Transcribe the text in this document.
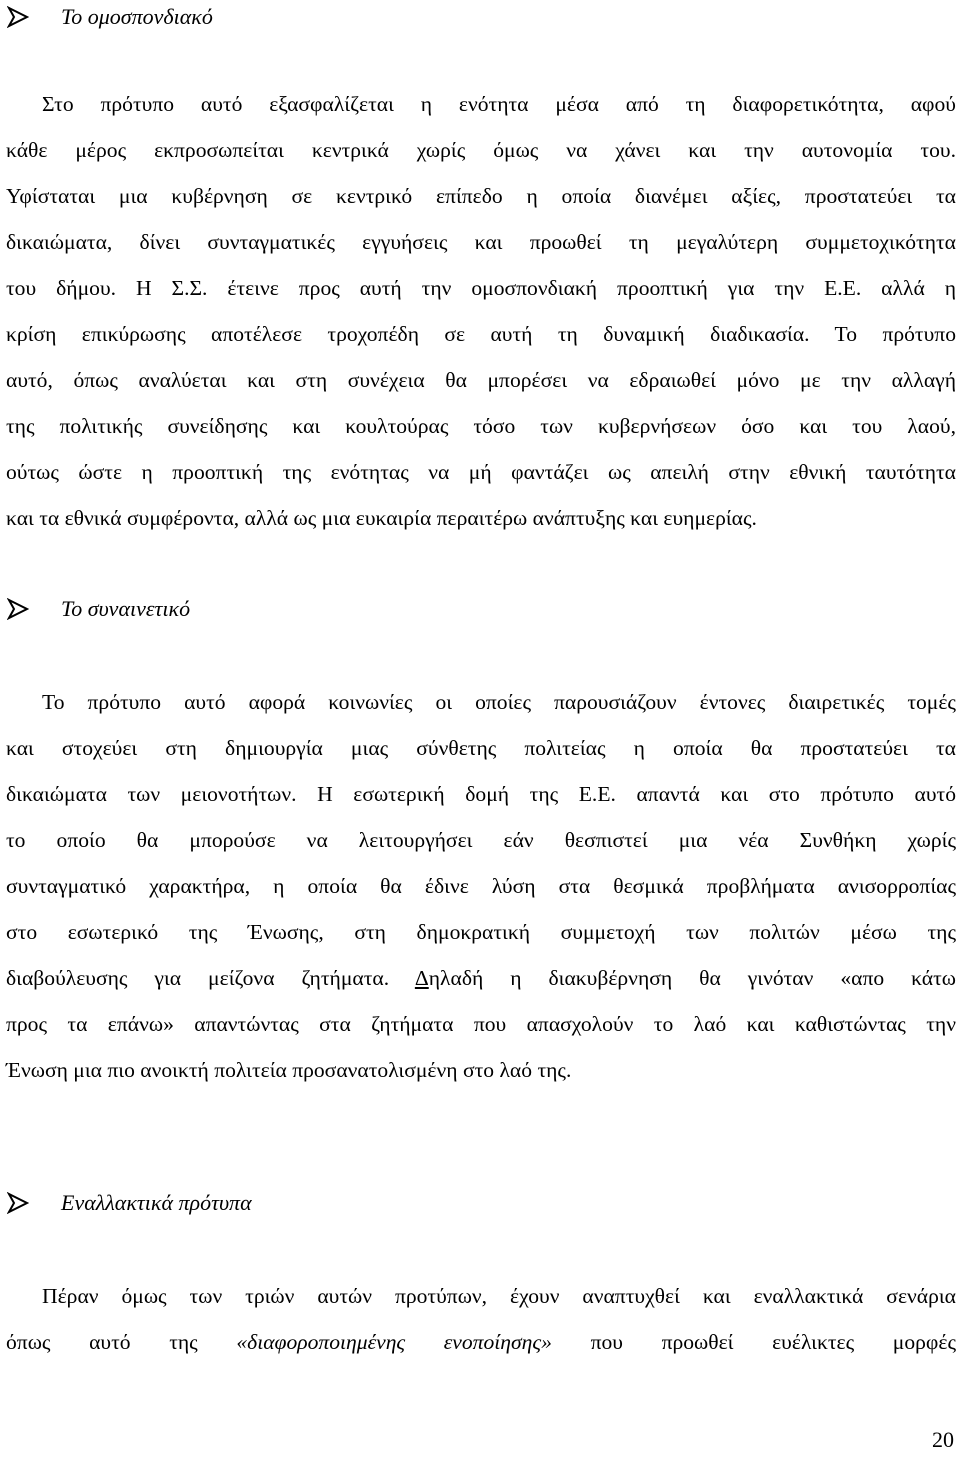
Το ομοσπονδιακό
Στο πρότυπο αυτό εξασφαλίζεται η ενότητα μέσα από τη διαφορετικότητα, αφού
κάθε μέρος εκπροσωπείται κεντρικά χωρίς όμως να χάνει και την αυτονομία του.
Υφίσταται μια κυβέρνηση σε κεντρικό επίπεδο η οποία διανέμει αξίες, προστατεύει τα
δικαιώματα, δίνει συνταγματικές εγγυήσεις και προωθεί τη μεγαλύτερη συμμετοχικότητα
του δήμου. Η Σ.Σ. έτεινε προς αυτή την ομοσπονδιακή προοπτική για την Ε.Ε. αλλά η
κρίση επικύρωσης αποτέλεσε τροχοπέδη σε αυτή τη δυναμική διαδικασία. Το πρότυπο
αυτό, όπως αναλύεται και στη συνέχεια θα μπορέσει να εδραιωθεί μόνο με την αλλαγή
της πολιτικής συνείδησης και κουλτούρας τόσο των κυβερνήσεων όσο και του λαού,
ούτως ώστε η προοπτική της ενότητας να μή φαντάζει ως απειλή στην εθνική ταυτότητα
και τα εθνικά συμφέροντα, αλλά ως μια ευκαιρία περαιτέρω ανάπτυξης και ευημερίας.
Το συναινετικό
Το πρότυπο αυτό αφορά κοινωνίες οι οποίες παρουσιάζουν έντονες διαιρετικές τομές
και στοχεύει στη δημιουργία μιας σύνθετης πολιτείας η οποία θα προστατεύει τα
δικαιώματα των μειονοτήτων. Η εσωτερική δομή της Ε.Ε. απαντά και στο πρότυπο αυτό
το οποίο θα μπορούσε να λειτουργήσει εάν θεσπιστεί μια νέα Συνθήκη χωρίς
συνταγματικό χαρακτήρα, η οποία θα έδινε λύση στα θεσμικά προβλήματα ανισορροπίας
στο εσωτερικό της Ένωσης, στη δημοκρατική συμμετοχή των πολιτών μέσω της
διαβούλευσης για μείζονα ζητήματα. Δηλαδή η διακυβέρνηση θα γινόταν «απο κάτω
προς τα επάνω» απαντώντας στα ζητήματα που απασχολούν το λαό και καθιστώντας την
Ένωση μια πιο ανοικτή πολιτεία προσανατολισμένη στο λαό της.
Εναλλακτικά πρότυπα
Πέραν όμως των τριών αυτών προτύπων, έχουν αναπτυχθεί και εναλλακτικά σενάρια
όπως αυτό της «διαφοροποιημένης ενοποίησης» που προωθεί ευέλικτες μορφές
20
